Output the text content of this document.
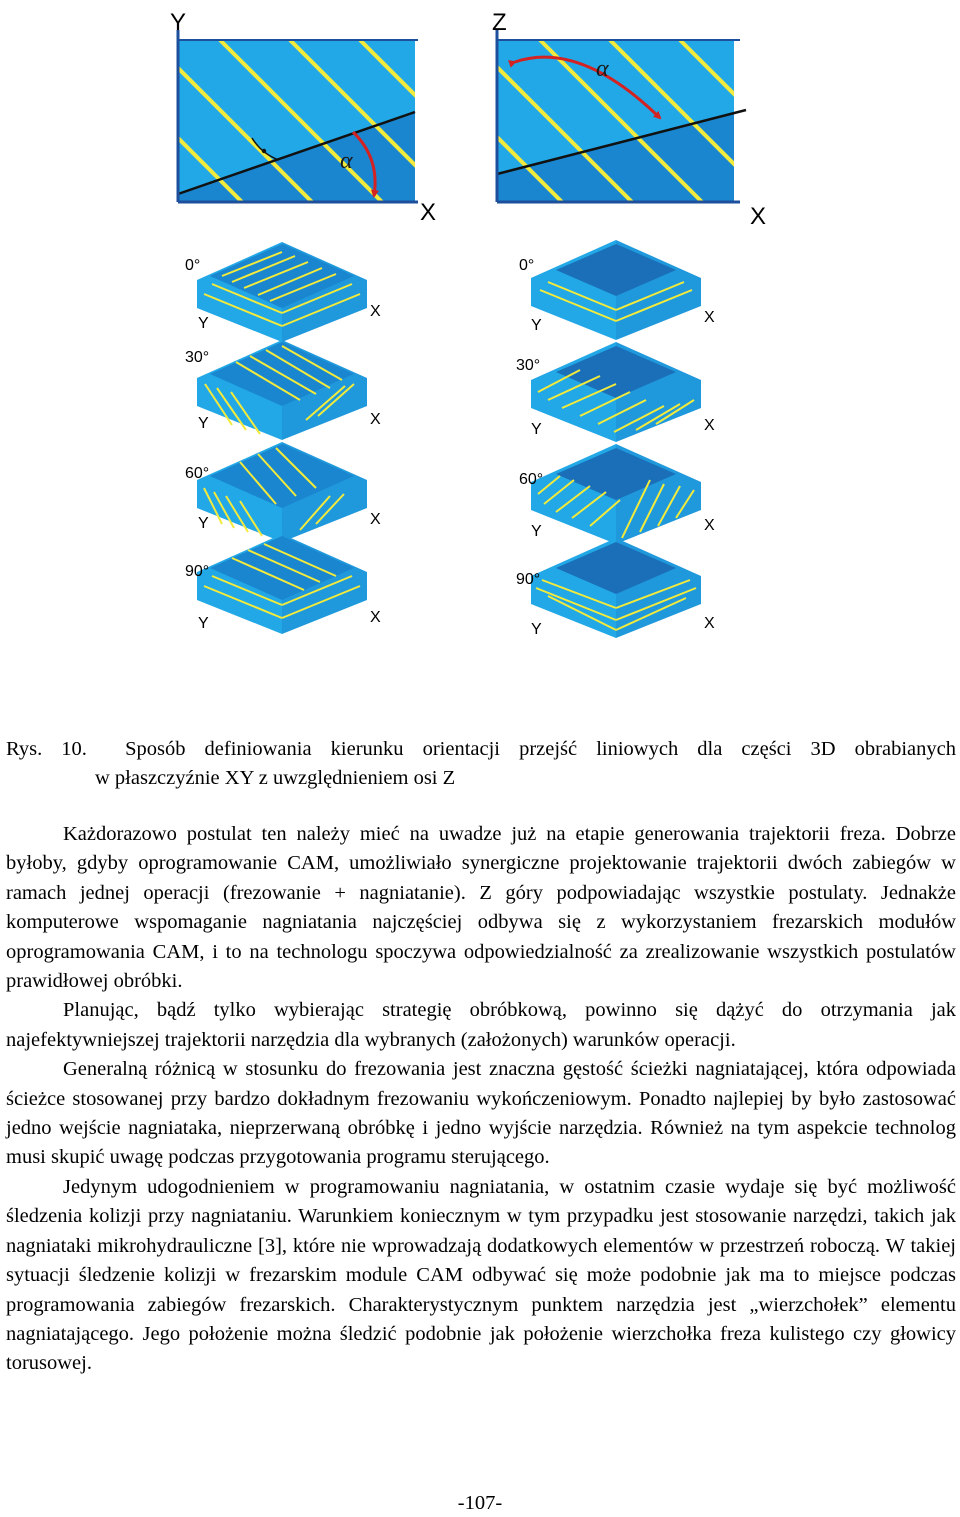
α
Y
X
α
Z
X
0°
Y
X
30°
Y	X
60°
Y	X
90°
Y	X
0°
Y	X
30°
Y	X
60°
Y	X
90°
Y	X
Rys. 10. Sposób definiowania kierunku orientacji przejść liniowych dla części 3D obrabianych
w płaszczyźnie XY z uwzględnieniem osi Z

Każdorazowo postulat ten należy mieć na uwadze już na etapie generowania trajektorii freza. Dobrze byłoby, gdyby oprogramowanie CAM, umożliwiało synergiczne projektowanie trajektorii dwóch zabiegów w ramach jednej operacji (frezowanie + nagniatanie). Z góry podpowiadając wszystkie postulaty. Jednakże komputerowe wspomaganie nagniatania najczęściej odbywa się z wykorzystaniem frezarskich modułów oprogramowania CAM, i to na technologu spoczywa odpowiedzialność za zrealizowanie wszystkich postulatów prawidłowej obróbki.

Planując, bądź tylko wybierając strategię obróbkową, powinno się dążyć do otrzymania jak najefektywniejszej trajektorii narzędzia dla wybranych (założonych) warunków operacji.

Generalną różnicą w stosunku do frezowania jest znaczna gęstość ścieżki nagniatającej, która odpowiada ścieżce stosowanej przy bardzo dokładnym frezowaniu wykończeniowym. Ponadto najlepiej by było zastosować jedno wejście nagniataka, nieprzerwaną obróbkę i jedno wyjście narzędzia. Również na tym aspekcie technolog musi skupić uwagę podczas przygotowania programu sterującego.

Jedynym udogodnieniem w programowaniu nagniatania, w ostatnim czasie wydaje się być możliwość śledzenia kolizji przy nagniataniu. Warunkiem koniecznym w tym przypadku jest stosowanie narzędzi, takich jak nagniataki mikrohydrauliczne [3], które nie wprowadzają dodatkowych elementów w przestrzeń roboczą. W takiej sytuacji śledzenie kolizji w frezarskim module CAM odbywać się może podobnie jak ma to miejsce podczas programowania zabiegów frezarskich. Charakterystycznym punktem narzędzia jest „wierzchołek” elementu nagniatającego. Jego położenie można śledzić podobnie jak położenie wierzchołka freza kulistego czy głowicy torusowej.

-107-
